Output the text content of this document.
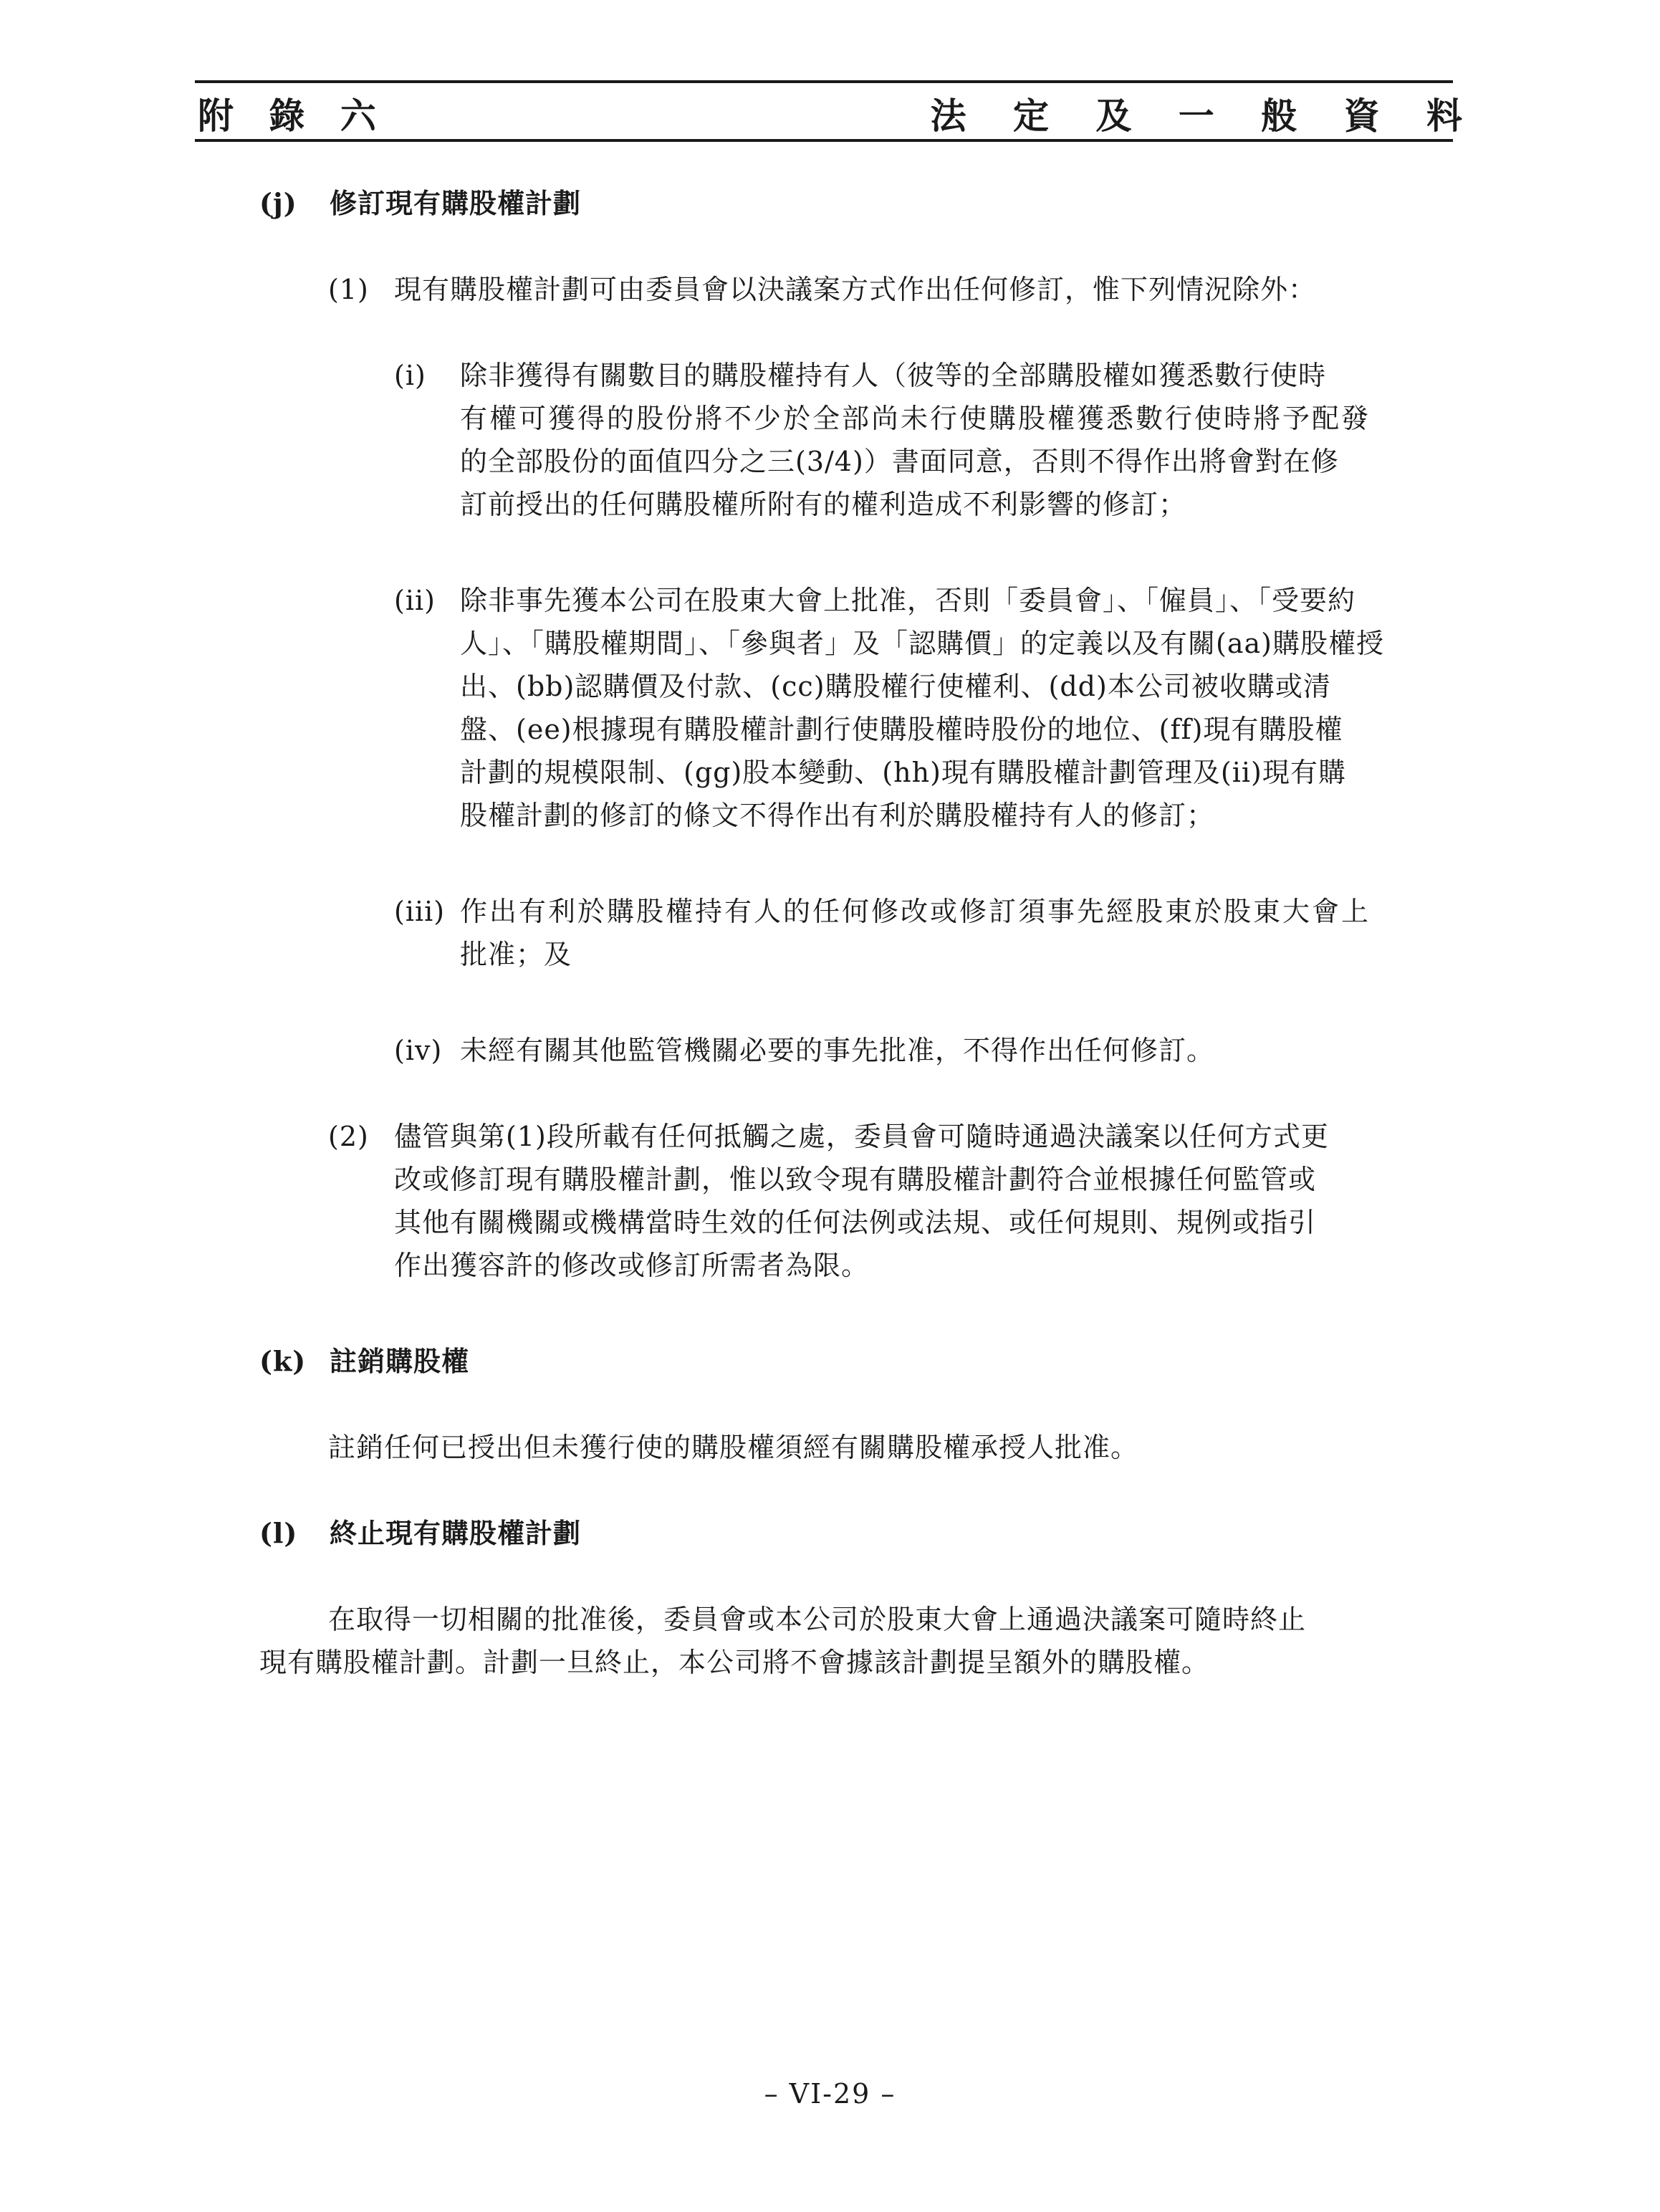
附 錄 六	法 定 及 一 般 資 料
(j) 修訂現有購股權計劃
(1) 現有購股權計劃可由委員會以決議案方式作出任何修訂，惟下列情況除外：
(i) 除非獲得有關數目的購股權持有人（彼等的全部購股權如獲悉數行使時
有權可獲得的股份將不少於全部尚未行使購股權獲悉數行使時將予配發
的全部股份的面值四分之三(3/4)）書面同意，否則不得作出將會對在修
訂前授出的任何購股權所附有的權利造成不利影響的修訂；
(ii) 除非事先獲本公司在股東大會上批准，否則「委員會」、「僱員」、「受要約
人」、「購股權期間」、「參與者」及「認購價」的定義以及有關(aa)購股權授
出、(bb)認購價及付款、(cc)購股權行使權利、(dd)本公司被收購或清
盤、(ee)根據現有購股權計劃行使購股權時股份的地位、(ff)現有購股權
計劃的規模限制、(gg)股本變動、(hh)現有購股權計劃管理及(ii)現有購
股權計劃的修訂的條文不得作出有利於購股權持有人的修訂；
(iii) 作出有利於購股權持有人的任何修改或修訂須事先經股東於股東大會上
批准；及
(iv) 未經有關其他監管機關必要的事先批准，不得作出任何修訂。
(2) 儘管與第(1)段所載有任何抵觸之處，委員會可隨時通過決議案以任何方式更
改或修訂現有購股權計劃，惟以致令現有購股權計劃符合並根據任何監管或
其他有關機關或機構當時生效的任何法例或法規、或任何規則、規例或指引
作出獲容許的修改或修訂所需者為限。
(k) 註銷購股權
註銷任何已授出但未獲行使的購股權須經有關購股權承授人批准。
(l) 終止現有購股權計劃
在取得一切相關的批准後，委員會或本公司於股東大會上通過決議案可隨時終止
現有購股權計劃。計劃一旦終止，本公司將不會據該計劃提呈額外的購股權。
– VI-29 –
